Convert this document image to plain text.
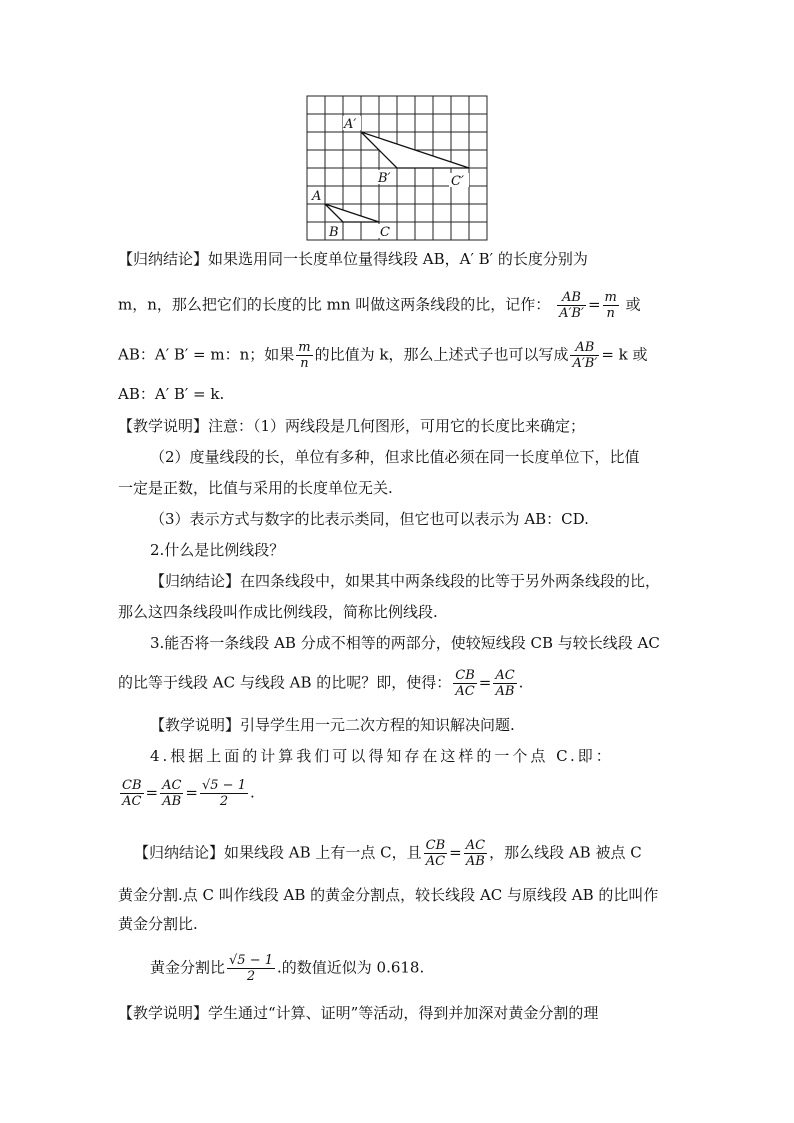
A′
B′	C′
A
B	C
【归纳结论】如果选用同一长度单位量得线段 AB，A′ B′ 的长度分别为
m，n，那么把它们的长度的比 mn 叫做这两条线段的比，记作： $\frac{AB}{A'B'} = \frac{m}{n}$ 或
AB：A′ B′ = m：n；如果 $\frac{m}{n}$ 的比值为 k，那么上述式子也可以写成 $\frac{AB}{A'B'} = k$ 或
AB：A′ B′ = k.
【教学说明】注意：（1）两线段是几何图形，可用它的长度比来确定；
（2）度量线段的长，单位有多种，但求比值必须在同一长度单位下，比值
一定是正数，比值与采用的长度单位无关.
（3）表示方式与数字的比表示类同，但它也可以表示为 AB：CD.
2.什么是比例线段？
【归纳结论】在四条线段中，如果其中两条线段的比等于另外两条线段的比，
那么这四条线段叫作成比例线段，简称比例线段.
3.能否将一条线段 AB 分成不相等的两部分，使较短线段 CB 与较长线段 AC
的比等于线段 AC 与线段 AB 的比呢？即，使得： $\frac{CB}{AC} = \frac{AC}{AB}$ .
【教学说明】引导学生用一元二次方程的知识解决问题.
4.根据上面的计算我们可以得知存在这样的一个点 C.即：
$\frac{CB}{AC} = \frac{AC}{AB} = \frac{√5 - 1}{2}$ .
【归纳结论】如果线段 AB 上有一点 C，且 $\frac{CB}{AC} = \frac{AC}{AB}$ ，那么线段 AB 被点 C
黄金分割.点 C 叫作线段 AB 的黄金分割点，较长线段 AC 与原线段 AB 的比叫作
黄金分割比.
黄金分割比 $\frac{√5 - 1}{2}$ .的数值近似为 0.618.
【教学说明】学生通过“计算、证明”等活动，得到并加深对黄金分割的理
